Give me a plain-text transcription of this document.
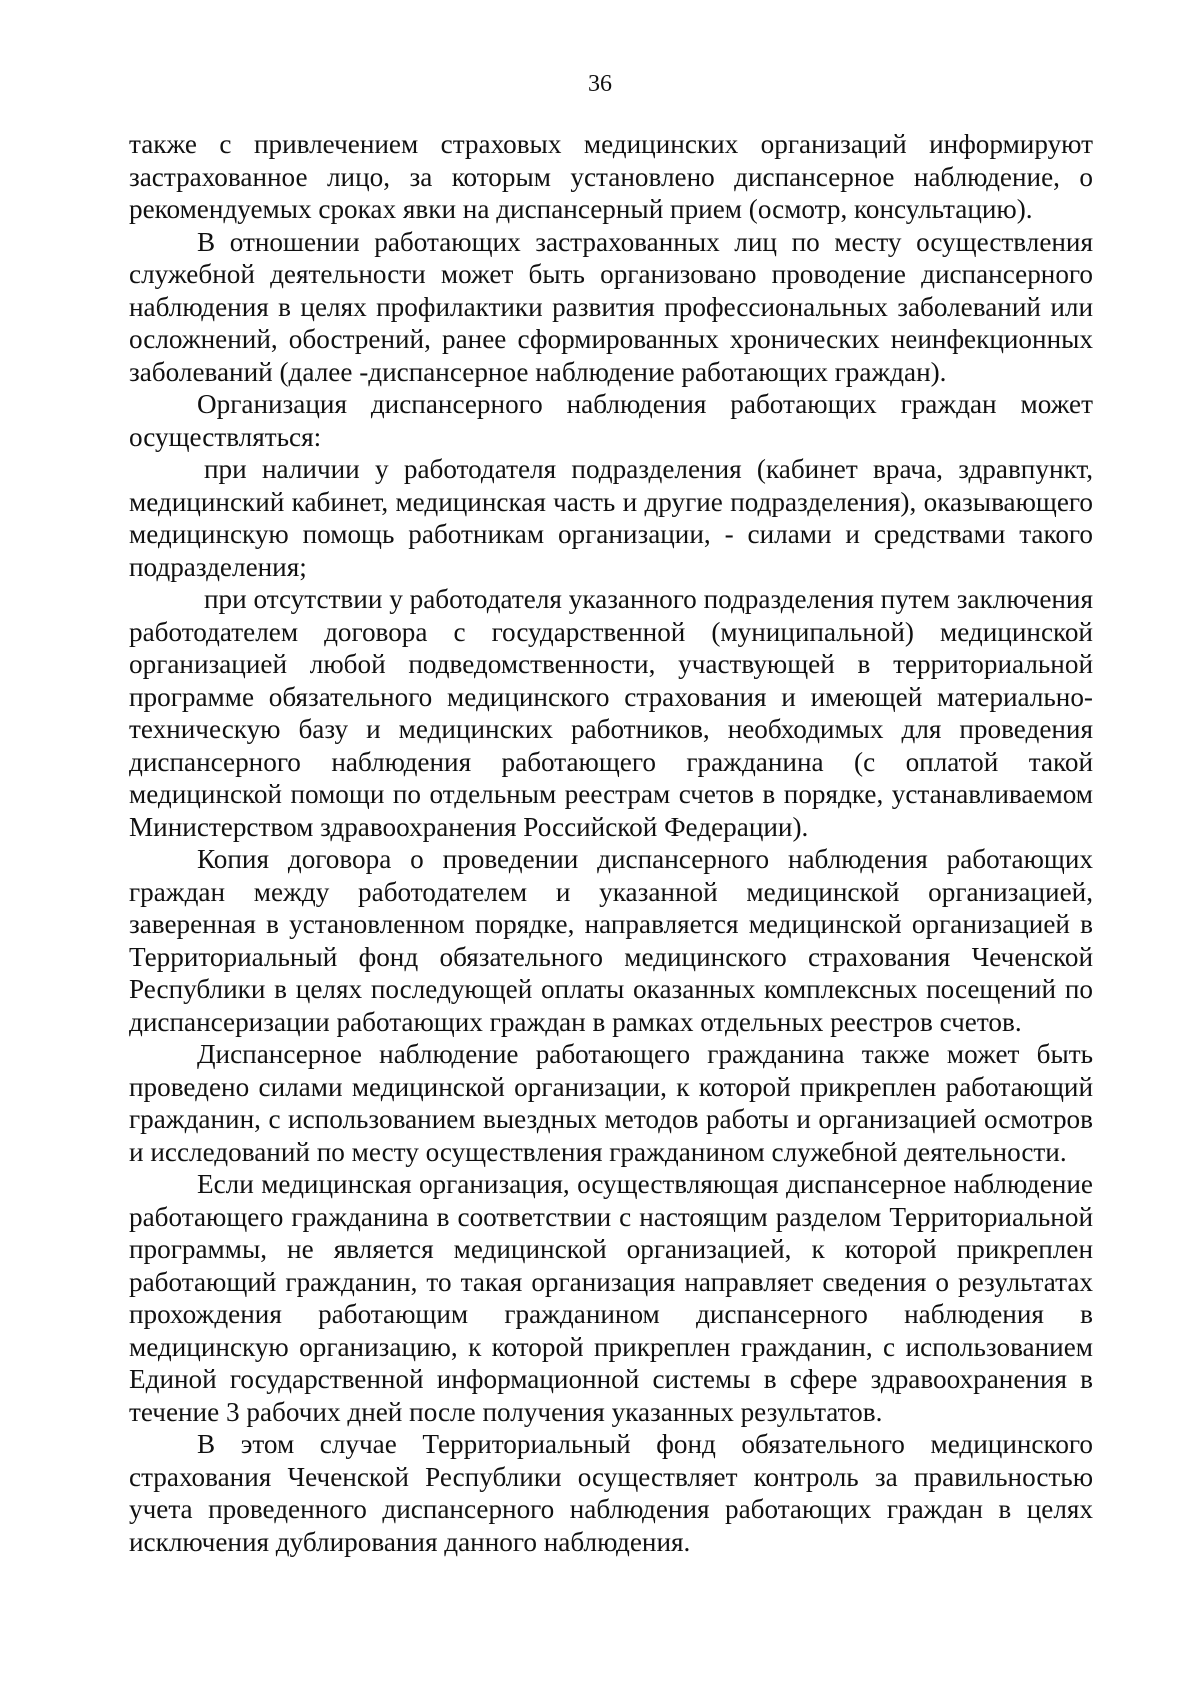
36

также с привлечением страховых медицинских организаций информируют застрахованное лицо, за которым установлено диспансерное наблюдение, о рекомендуемых сроках явки на диспансерный прием (осмотр, консультацию).

В отношении работающих застрахованных лиц по месту осуществления служебной деятельности может быть организовано проводение диспансерного наблюдения в целях профилактики развития профессиональных заболеваний или осложнений, обострений, ранее сформированных хронических неинфекционных заболеваний (далее -диспансерное наблюдение работающих граждан).

Организация диспансерного наблюдения работающих граждан может осуществляться:

при наличии у работодателя подразделения (кабинет врача, здравпункт, медицинский кабинет, медицинская часть и другие подразделения), оказывающего медицинскую помощь работникам организации, - силами и средствами такого подразделения;

при отсутствии у работодателя указанного подразделения путем заключения работодателем договора с государственной (муниципальной) медицинской организацией любой подведомственности, участвующей в территориальной программе обязательного медицинского страхования и имеющей материально-техническую базу и медицинских работников, необходимых для проведения диспансерного наблюдения работающего гражданина (с оплатой такой медицинской помощи по отдельным реестрам счетов в порядке, устанавливаемом Министерством здравоохранения Российской Федерации).

Копия договора о проведении диспансерного наблюдения работающих граждан между работодателем и указанной медицинской организацией, заверенная в установленном порядке, направляется медицинской организацией в Территориальный фонд обязательного медицинского страхования Чеченской Республики в целях последующей оплаты оказанных комплексных посещений по диспансеризации работающих граждан в рамках отдельных реестров счетов.

Диспансерное наблюдение работающего гражданина также может быть проведено силами медицинской организации, к которой прикреплен работающий гражданин, с использованием выездных методов работы и организацией осмотров и исследований по месту осуществления гражданином служебной деятельности.

Если медицинская организация, осуществляющая диспансерное наблюдение работающего гражданина в соответствии с настоящим разделом Территориальной программы, не является медицинской организацией, к которой прикреплен работающий гражданин, то такая организация направляет сведения о результатах прохождения работающим гражданином диспансерного наблюдения в медицинскую организацию, к которой прикреплен гражданин, с использованием Единой государственной информационной системы в сфере здравоохранения в течение 3 рабочих дней после получения указанных результатов.

В этом случае Территориальный фонд обязательного медицинского страхования Чеченской Республики осуществляет контроль за правильностью учета проведенного диспансерного наблюдения работающих граждан в целях исключения дублирования данного наблюдения.
